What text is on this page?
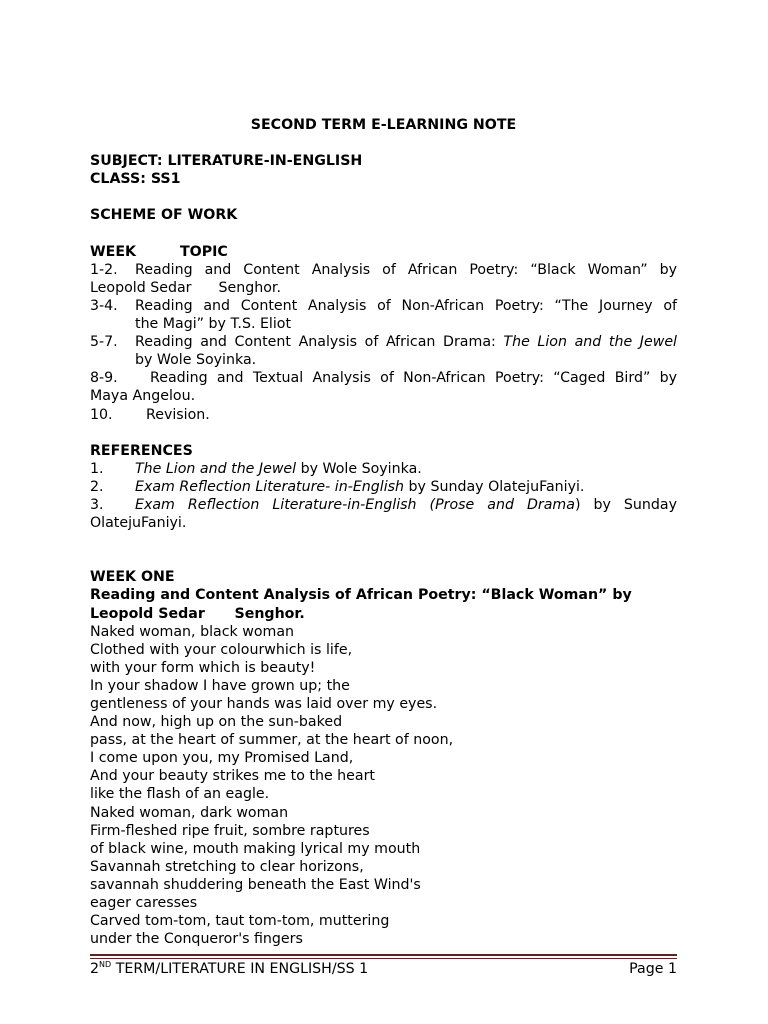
SECOND TERM E-LEARNING NOTE
SUBJECT: LITERATURE-IN-ENGLISH
CLASS: SS1
SCHEME OF WORK
WEEK	TOPIC
1-2. Reading and Content Analysis of African Poetry: “Black Woman” by
Leopold Sedar      Senghor.
3-4. Reading and Content Analysis of Non-African Poetry: “The Journey of
the Magi” by T.S. Eliot
5-7. Reading and Content Analysis of African Drama: The Lion and the Jewel
by Wole Soyinka.
8-9. Reading and Textual Analysis of Non-African Poetry: “Caged Bird” by
Maya Angelou.
10. Revision.
REFERENCES
1. The Lion and the Jewel by Wole Soyinka.
2. Exam Reflection Literature- in-English by Sunday OlatejuFaniyi.
3. Exam Reflection Literature-in-English (Prose and Drama) by Sunday
OlatejuFaniyi.
WEEK ONE
Reading and Content Analysis of African Poetry: “Black Woman” by
Leopold Sedar      Senghor.
Naked woman, black woman
Clothed with your colourwhich is life,
with your form which is beauty!
In your shadow I have grown up; the
gentleness of your hands was laid over my eyes.
And now, high up on the sun-baked
pass, at the heart of summer, at the heart of noon,
I come upon you, my Promised Land,
And your beauty strikes me to the heart
like the flash of an eagle.
Naked woman, dark woman
Firm-fleshed ripe fruit, sombre raptures
of black wine, mouth making lyrical my mouth
Savannah stretching to clear horizons,
savannah shuddering beneath the East Wind's
eager caresses
Carved tom-tom, taut tom-tom, muttering
under the Conqueror's fingers
2ND TERM/LITERATURE IN ENGLISH/SS 1	Page 1
